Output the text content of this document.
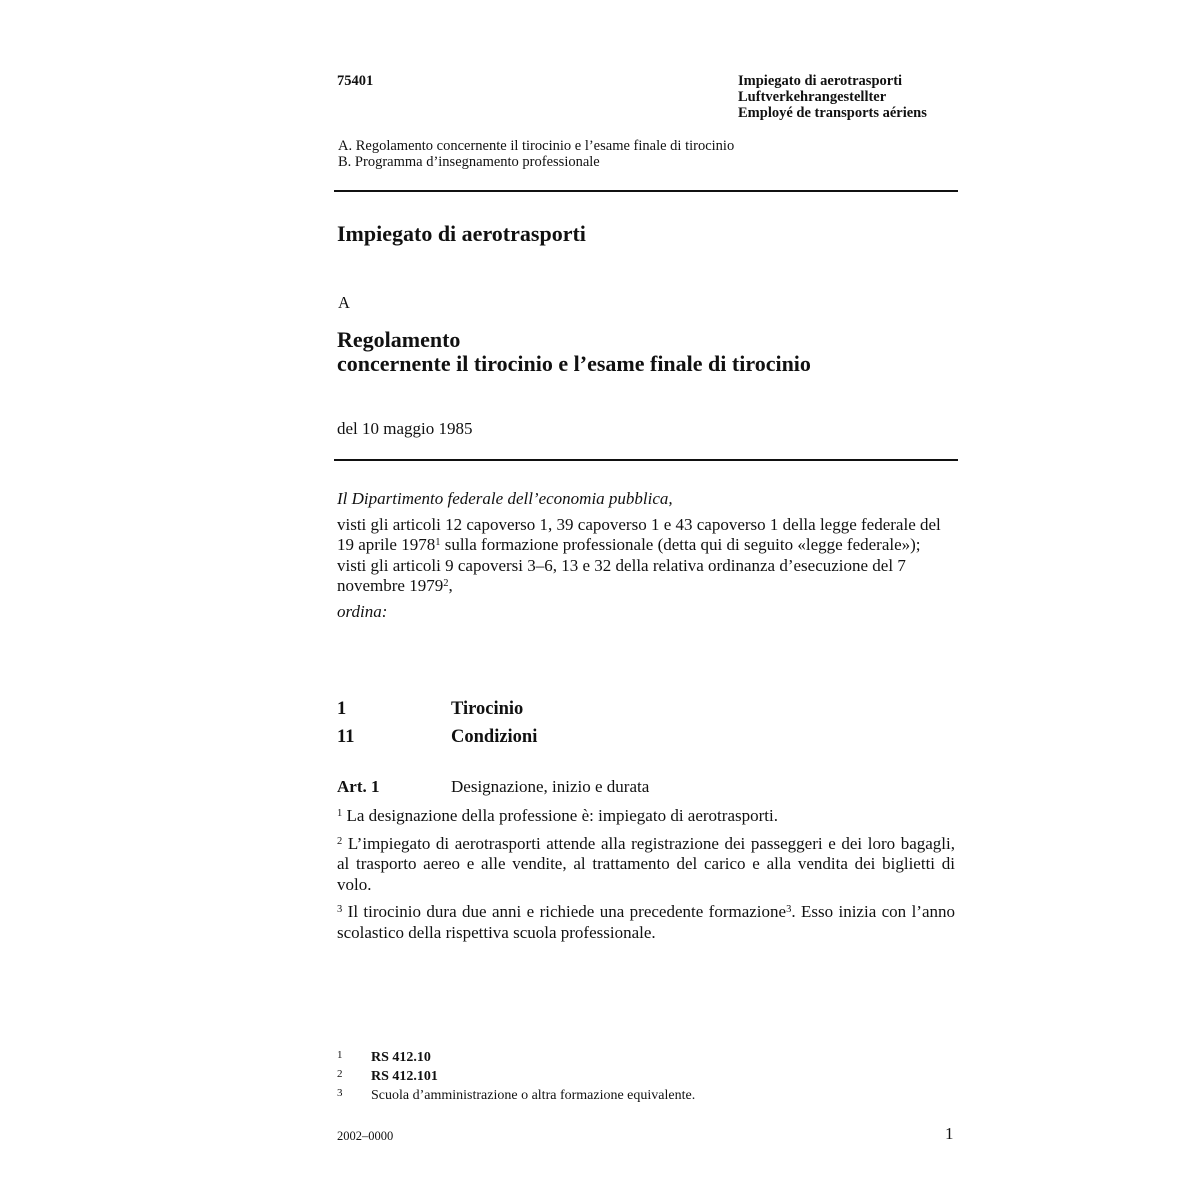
75401	Impiegato di aerotrasporti
Luftverkehrangestellter
Employé de transports aériens
A. Regolamento concernente il tirocinio e l’esame finale di tirocinio
B. Programma d’insegnamento professionale
Impiegato di aerotrasporti
A
Regolamento
concernente il tirocinio e l’esame finale di tirocinio
del 10 maggio 1985

Il Dipartimento federale dell’economia pubblica,

visti gli articoli 12 capoverso 1, 39 capoverso 1 e 43 capoverso 1 della legge federale del 19 aprile 1978$^1$ sulla formazione professionale (detta qui di seguito «legge federale»);

visti gli articoli 9 capoversi 3–6, 13 e 32 della relativa ordinanza d’esecuzione del 7 novembre 1979$^2$,

ordina:

1	Tirocinio
11	Condizioni
Art. 1	Designazione, inizio e durata

$^1$ La designazione della professione è: impiegato di aerotrasporti.

$^2$ L’impiegato di aerotrasporti attende alla registrazione dei passeggeri e dei loro bagagli, al trasporto aereo e alle vendite, al trattamento del carico e alla vendita dei biglietti di volo.

$^3$ Il tirocinio dura due anni e richiede una precedente formazione$^3$. Esso inizia con l’anno scolastico della rispettiva scuola professionale.

1 RS 412.10
2 RS 412.101
3 Scuola d’amministrazione o altra formazione equivalente.
2002–0000	1
